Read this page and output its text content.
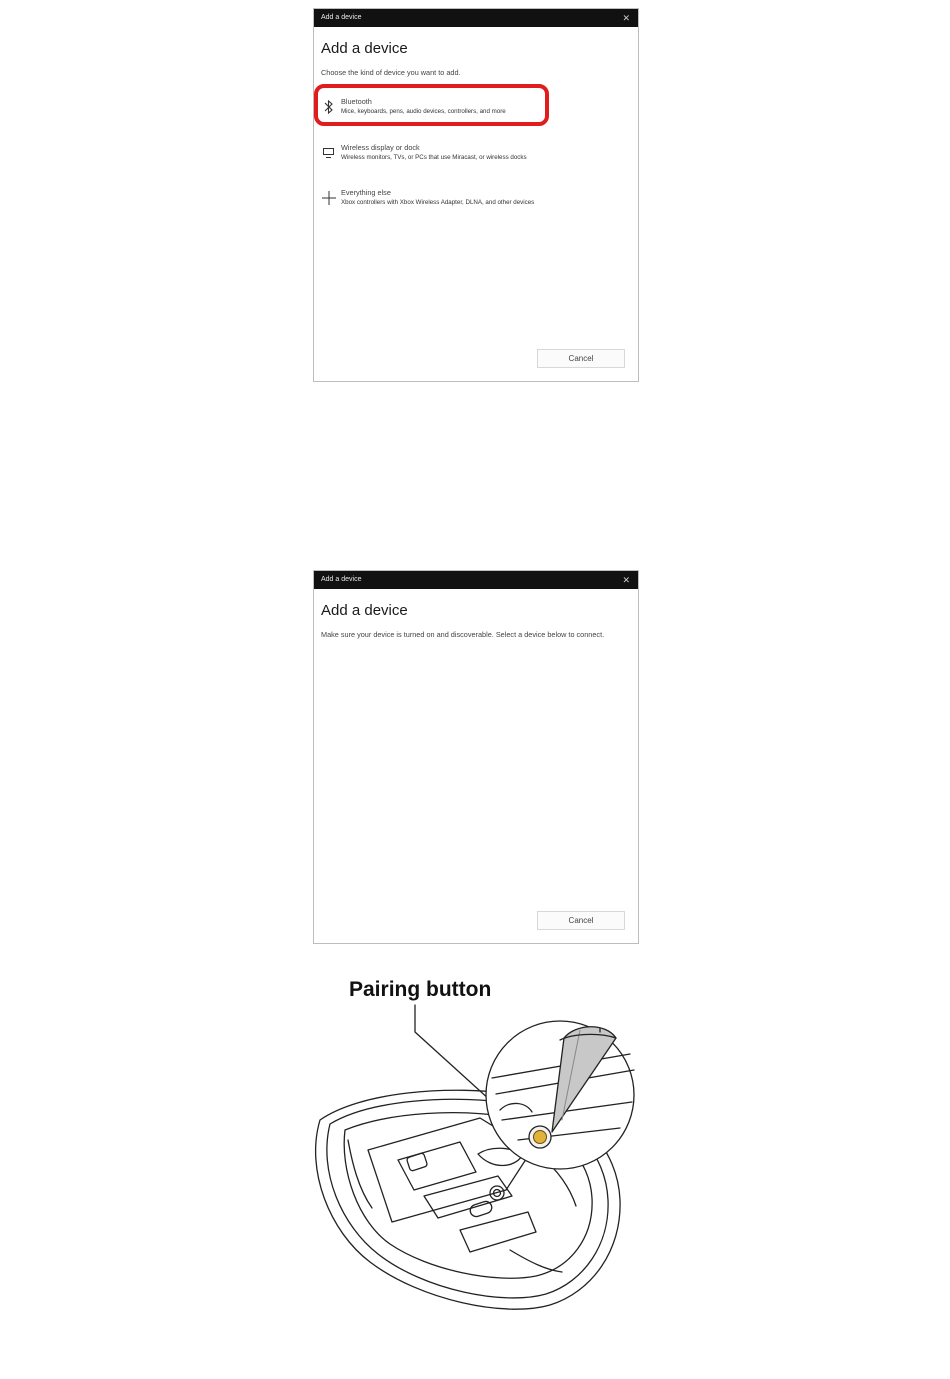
Add a device	✕
Add a device
Choose the kind of device you want to add.
Bluetooth
Mice, keyboards, pens, audio devices, controllers, and more
Wireless display or dock
Wireless monitors, TVs, or PCs that use Miracast, or wireless docks
Everything else
Xbox controllers with Xbox Wireless Adapter, DLNA, and other devices
Cancel
Add a device	✕
Add a device
Make sure your device is turned on and discoverable. Select a device below to connect.
Cancel
Pairing button
